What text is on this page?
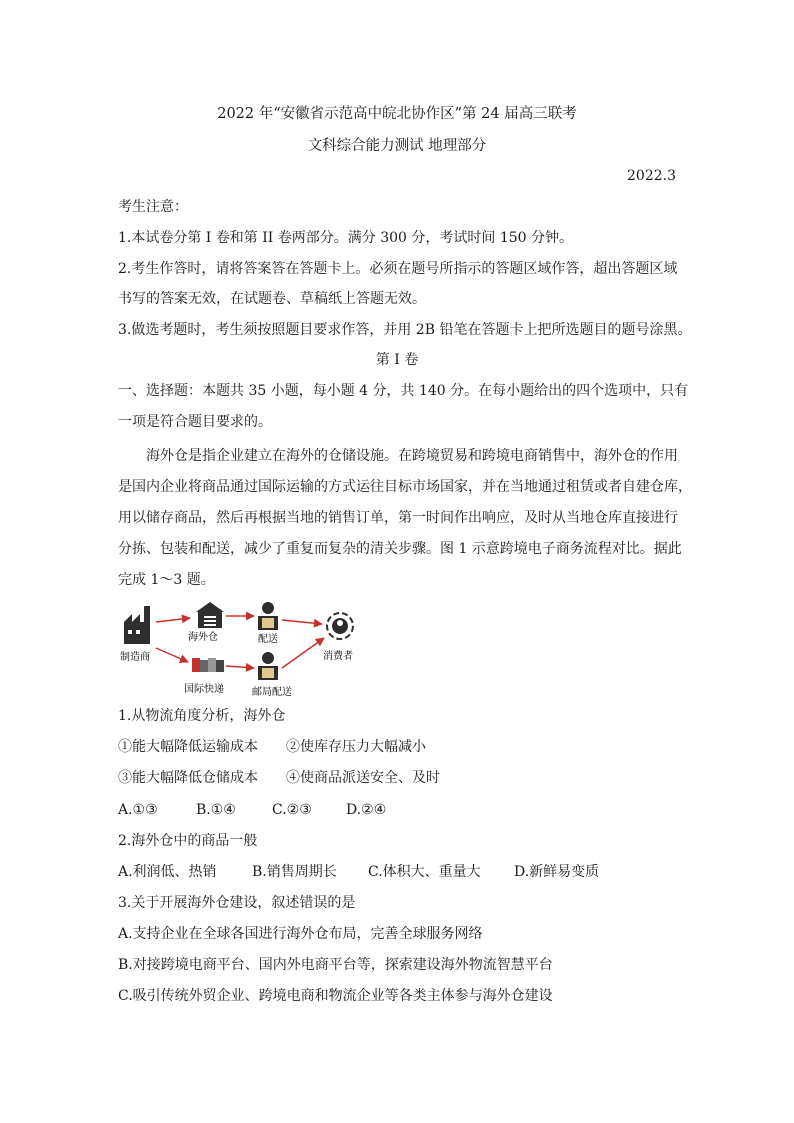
2022 年“安徽省示范高中皖北协作区”第 24 届高三联考
文科综合能力测试 地理部分
2022.3
考生注意：
1.本试卷分第 I 卷和第 II 卷两部分。满分 300 分，考试时间 150 分钟。
2.考生作答时，请将答案答在答题卡上。必须在题号所指示的答题区域作答，超出答题区域
书写的答案无效，在试题卷、草稿纸上答题无效。
3.做选考题时，考生须按照题目要求作答，并用 2B 铅笔在答题卡上把所选题目的题号涂黑。
第 I 卷
一、选择题：本题共 35 小题，每小题 4 分，共 140 分。在每小题给出的四个选项中，只有
一项是符合题目要求的。
海外仓是指企业建立在海外的仓储设施。在跨境贸易和跨境电商销售中，海外仓的作用
是国内企业将商品通过国际运输的方式运往目标市场国家，并在当地通过租赁或者自建仓库，
用以储存商品，然后再根据当地的销售订单，第一时间作出响应，及时从当地仓库直接进行
分拣、包装和配送，减少了重复而复杂的清关步骤。图 1 示意跨境电子商务流程对比。据此
完成 1～3 题。
制造商
海外仓	配送
消费者
国际快递	邮局配送
1.从物流角度分析，海外仓
①能大幅降低运输成本　　②使库存压力大幅减小
③能大幅降低仓储成本　　④使商品派送安全、及时
A.①③	B.①④	C.②③ D.②④
2.海外仓中的商品一般
A.利润低、热销	B.销售周期长 C.体积大、重量大 D.新鲜易变质
3.关于开展海外仓建设，叙述错误的是
A.支持企业在全球各国进行海外仓布局，完善全球服务网络
B.对接跨境电商平台、国内外电商平台等，探索建设海外物流智慧平台
C.吸引传统外贸企业、跨境电商和物流企业等各类主体参与海外仓建设
